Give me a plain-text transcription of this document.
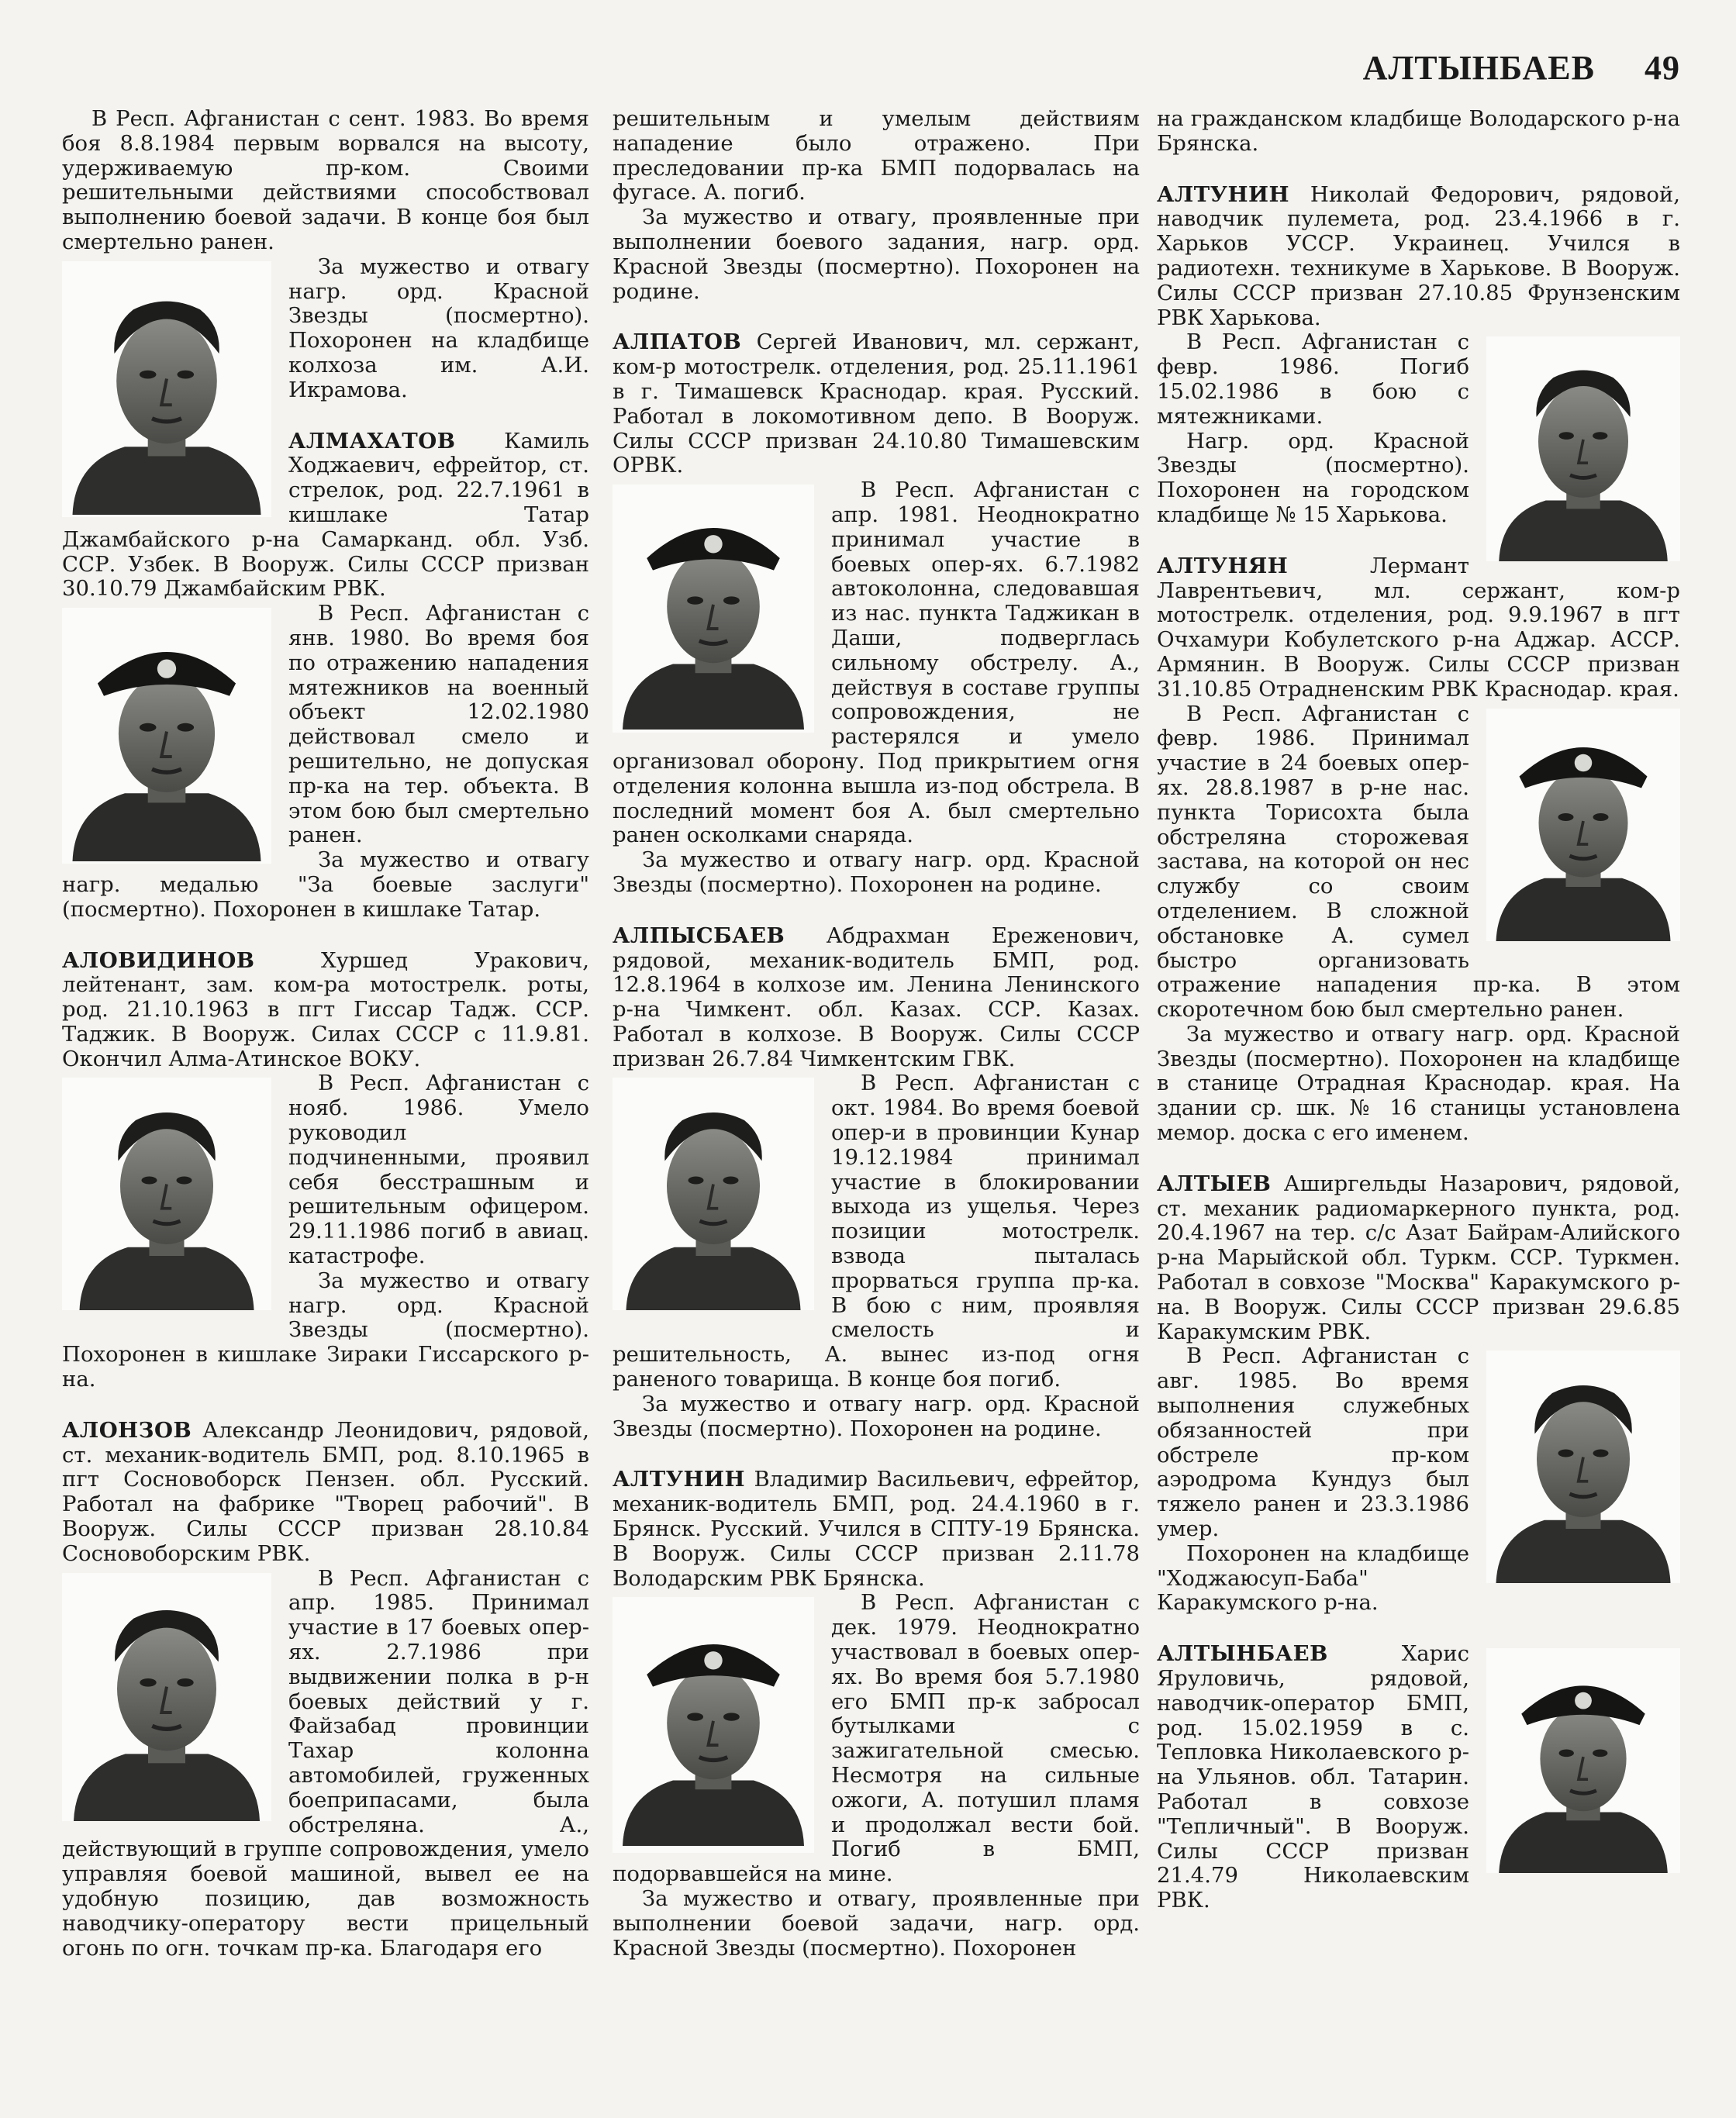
АЛТЫНБАЕВ 49

В Респ. Афганистан с сент. 1983. Во время боя 8.8.1984 первым ворвался на высоту, удерживаемую пр-ком. Своими решительными действиями способствовал выполнению боевой задачи. В конце боя был смертельно ранен.

За мужество и отвагу нагр. орд. Красной Звезды (посмертно). Похоронен на кладбище колхоза им. А.И. Икрамова.

АЛМАХАТОВ Камиль Ходжаевич, ефрейтор, ст. стрелок, род. 22.7.1961 в кишлаке Татар Джамбайского р-на Самарканд. обл. Узб. ССР. Узбек. В Вооруж. Силы СССР призван 30.10.79 Джамбайским РВК.

В Респ. Афганистан с янв. 1980. Во время боя по отражению нападения мятежников на военный объект 12.02.1980 действовал смело и решительно, не допуская пр-ка на тер. объекта. В этом бою был смертельно ранен.

За мужество и отвагу нагр. медалью "За боевые заслуги" (посмертно). Похоронен в кишлаке Татар.

АЛОВИДИНОВ	Хуршед Уракович, лейтенант, зам. ком-ра мотострелк. роты, род. 21.10.1963 в пгт Гиссар Тадж. ССР. Таджик. В Вооруж. Силах СССР с 11.9.81. Окончил Алма-Атинское ВОКУ.

В Респ. Афганистан с нояб. 1986. Умело руководил подчиненными, проявил себя бесстрашным и решительным офицером. 29.11.1986 погиб в авиац. катастрофе.

За мужество и отвагу нагр. орд. Красной Звезды (посмертно). Похоронен в кишлаке Зираки Гиссарского р-на.

АЛОНЗОВ Александр Леонидович, рядовой, ст. механик-водитель БМП, род. 8.10.1965 в пгт Сосновоборск Пензен. обл. Русский. Работал на фабрике "Творец рабочий". В Вооруж. Силы СССР призван 28.10.84 Сосновоборским РВК.

В Респ. Афганистан с апр. 1985. Принимал участие в 17 боевых опер-ях. 2.7.1986 при выдвижении полка в р-н боевых действий у г. Файзабад провинции Тахар колонна автомобилей, груженных боеприпасами, была обстреляна. А., действующий в группе сопровождения, умело управляя боевой машиной, вывел ее на удобную позицию, дав возможность наводчику-оператору вести прицельный огонь по огн. точкам пр-ка. Благодаря его

решительным и умелым действиям нападение было отражено. При преследовании пр-ка БМП подорвалась на фугасе. А. погиб.

За мужество и отвагу, проявленные при выполнении боевого задания, нагр. орд. Красной Звезды (посмертно). Похоронен на родине.

АЛПАТОВ Сергей Иванович, мл. сержант, ком-р мотострелк. отделения, род. 25.11.1961 в г. Тимашевск Краснодар. края. Русский. Работал в локомотивном депо. В Вооруж. Силы СССР призван 24.10.80 Тимашевским ОРВК.

В Респ. Афганистан с апр. 1981. Неоднократно принимал участие в боевых опер-ях. 6.7.1982 автоколонна, следовавшая из нас. пункта Таджикан в Даши, подверглась сильному обстрелу. А., действуя в составе группы сопровождения, не растерялся и умело организовал оборону. Под прикрытием огня отделения колонна вышла из-под обстрела. В последний момент боя А. был смертельно ранен осколками снаряда.

За мужество и отвагу нагр. орд. Красной Звезды (посмертно). Похоронен на родине.

АЛПЫСБАЕВ Абдрахман Ереженович, рядовой, механик-водитель БМП, род. 12.8.1964 в колхозе им. Ленина Ленинского р-на Чимкент. обл. Казах. ССР. Казах. Работал в колхозе. В Вооруж. Силы СССР призван 26.7.84 Чимкентским ГВК.

В Респ. Афганистан с окт. 1984. Во время боевой опер-и в провинции Кунар 19.12.1984 принимал участие в блокировании выхода из ущелья. Через позиции мотострелк. взвода пыталась прорваться группа пр-ка. В бою с ним, проявляя смелость и решительность, А. вынес из-под огня раненого товарища. В конце боя погиб.

За мужество и отвагу нагр. орд. Красной Звезды (посмертно). Похоронен на родине.

АЛТУНИН Владимир Васильевич, ефрейтор, механик-водитель БМП, род. 24.4.1960 в г. Брянск. Русский. Учился в СПТУ-19 Брянска. В Вооруж. Силы СССР призван 2.11.78 Володарским РВК Брянска.

В Респ. Афганистан с дек. 1979. Неоднократно участвовал в боевых опер-ях. Во время боя 5.7.1980 его БМП пр-к забросал бутылками с зажигательной смесью. Несмотря на сильные ожоги, А. потушил пламя и продолжал вести бой. Погиб в БМП, подорвавшейся на мине.

За мужество и отвагу, проявленные при выполнении боевой задачи, нагр. орд. Красной Звезды (посмертно). Похоронен

на гражданском кладбище Володарского р-на Брянска.

АЛТУНИН Николай Федорович, рядовой, наводчик пулемета, род. 23.4.1966 в г. Харьков УССР. Украинец. Учился в радиотехн. техникуме в Харькове. В Вооруж. Силы СССР призван 27.10.85 Фрунзенским РВК Харькова.

В Респ. Афганистан с февр. 1986. Погиб 15.02.1986 в бою с мятежниками.

Нагр. орд. Красной Звезды (посмертно). Похоронен на городском кладбище № 15 Харькова.

АЛТУНЯН	Лермант Лаврентьевич, мл. сержант, ком-р мотострелк. отделения, род. 9.9.1967 в пгт Очхамури Кобулетского р-на Аджар. АССР. Армянин. В Вооруж. Силы СССР призван 31.10.85 Отрадненским РВК Краснодар. края.

В Респ. Афганистан с февр. 1986. Принимал участие в 24 боевых опер-ях. 28.8.1987 в р-не нас. пункта Торисохта была обстреляна сторожевая застава, на которой он нес службу со своим отделением. В сложной обстановке А. сумел быстро организовать отражение нападения пр-ка. В этом скоротечном бою был смертельно ранен.

За мужество и отвагу нагр. орд. Красной Звезды (посмертно). Похоронен на кладбище в станице Отрадная Краснодар. края. На здании ср. шк. № 16 станицы установлена мемор. доска с его именем.

АЛТЫЕВ Аширгельды Назарович, рядовой, ст. механик радиомаркерного пункта, род. 20.4.1967 на тер. с/с Азат Байрам-Алийского р-на Марыйской обл. Туркм. ССР. Туркмен. Работал в совхозе "Москва" Каракумского р-на. В Вооруж. Силы СССР призван 29.6.85 Каракумским РВК.

В Респ. Афганистан с авг. 1985. Во время выполнения служебных обязанностей при обстреле пр-ком аэродрома Кундуз был тяжело ранен и 23.3.1986 умер.

Похоронен на кладбище "Ходжаюсуп-Баба" Каракумского р-на.

АЛТЫНБАЕВ	Харис Яруловичь, рядовой, наводчик-оператор БМП, род. 15.02.1959 в с. Тепловка Николаевского р-на Ульянов. обл. Татарин. Работал в совхозе "Тепличный". В Вооруж. Силы СССР призван 21.4.79 Николаевским РВК.
